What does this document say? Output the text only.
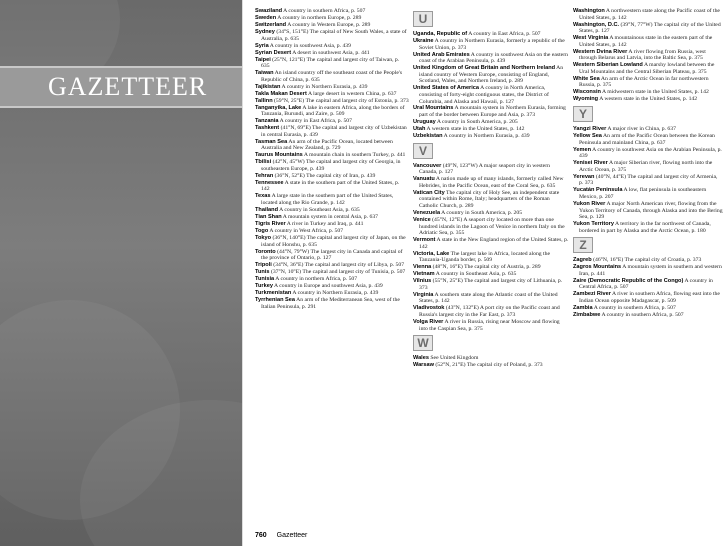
GAZETTEER
Swaziland A country in southern Africa, p. 507
Sweden A country in northern Europe, p. 289
Switzerland A country in Western Europe, p. 289
Sydney (34°S, 151°E) The capital of New South Wales, a state of Australia, p. 635
Syria A country in southwest Asia, p. 439
Syrian Desert A desert in southwest Asia, p. 441
Taipei (25°N, 121°E) The capital and largest city of Taiwan, p. 635
Taiwan An island country off the southeast coast of the People's Republic of China, p. 635
Tajikistan A country in Northern Eurasia, p. 439
Takla Makan Desert A large desert in western China, p. 637
Tallinn (59°N, 25°E) The capital and largest city of Estonia, p. 373
Tanganyika, Lake A lake in eastern Africa, along the borders of Tanzania, Burundi, and Zaire, p. 509
Tanzania A country in East Africa, p. 507
Tashkent (41°N, 69°E) The capital and largest city of Uzbekistan in central Eurasia, p. 439
Tasman Sea An arm of the Pacific Ocean, located between Australia and New Zealand, p. 729
Taurus Mountains A mountain chain in southern Turkey, p. 441
Tbilisi (42°N, 45°W) The capital and largest city of Georgia, in southeastern Europe, p. 439
Tehran (36°N, 52°E) The capital city of Iran, p. 439
Tennessee A state in the southern part of the United States, p. 142
Texas A large state in the southern part of the United States, located along the Rio Grande, p. 142
Thailand A country in Southeast Asia, p. 635
Tian Shan A mountain system in central Asia, p. 637
Tigris River A river in Turkey and Iraq, p. 441
Togo A country in West Africa, p. 507
Tokyo (36°N, 140°E) The capital and largest city of Japan, on the island of Honshu, p. 635
Toronto (44°N, 79°W) The largest city in Canada and capital of the province of Ontario, p. 127
Tripoli (34°N, 36°E) The capital and largest city of Libya, p. 507
Tunis (37°N, 10°E) The capital and largest city of Tunisia, p. 507
Tunisia A country in northern Africa, p. 507
Turkey A country in Europe and southwest Asia, p. 439
Turkmenistan A country in Northern Eurasia, p. 439
Tyrrhenian Sea An arm of the Mediterranean Sea, west of the Italian Peninsula, p. 291
U
Uganda, Republic of A country in East Africa, p. 507
Ukraine A country in Northern Eurasia, formerly a republic of the Soviet Union, p. 373
United Arab Emirates A country in southwest Asia on the eastern coast of the Arabian Peninsula, p. 439
United Kingdom of Great Britain and Northern Ireland An island country of Western Europe, consisting of England, Scotland, Wales, and Northern Ireland, p. 289
United States of America A country in North America, consisting of forty-eight contiguous states, the District of Columbia, and Alaska and Hawaii, p. 127
Ural Mountains A mountain system in Northern Eurasia, forming part of the border between Europe and Asia, p. 373
Uruguay A country in South America, p. 205
Utah A western state in the United States, p. 142
Uzbekistan A country in Northern Eurasia, p. 439
V
Vancouver (49°N, 123°W) A major seaport city in western Canada, p. 127
Vanuatu A nation made up of many islands, formerly called New Hebrides, in the Pacific Ocean, east of the Coral Sea, p. 635
Vatican City The capital city of Holy See, an independent state contained within Rome, Italy; headquarters of the Roman Catholic Church, p. 289
Venezuela A country in South America, p. 205
Venice (45°N, 12°E) A seaport city located on more than one hundred islands in the Lagoon of Venice in northern Italy on the Adriatic Sea, p. 355
Vermont A state in the New England region of the United States, p. 142
Victoria, Lake The largest lake in Africa, located along the Tanzania-Uganda border, p. 509
Vienna (48°N, 16°E) The capital city of Austria, p. 289
Vietnam A country in Southeast Asia, p. 635
Vilnius (55°N, 25°E) The capital and largest city of Lithuania, p. 373
Virginia A southern state along the Atlantic coast of the United States, p. 142
Vladivostok (43°N, 132°E) A port city on the Pacific coast and Russia's largest city in the Far East, p. 373
Volga River A river in Russia, rising near Moscow and flowing into the Caspian Sea, p. 375
W
Wales See United Kingdom
Warsaw (52°N, 21°E) The capital city of Poland, p. 373
Washington A northwestern state along the Pacific coast of the United States, p. 142
Washington, D.C. (39°N, 77°W) The capital city of the United States, p. 127
West Virginia A mountainous state in the eastern part of the United States, p. 142
Western Dvina River A river flowing from Russia, west through Belarus and Latvia, into the Baltic Sea, p. 375
Western Siberian Lowland A marshy lowland between the Ural Mountains and the Central Siberian Plateau, p. 375
White Sea An arm of the Arctic Ocean in far northwestern Russia, p. 375
Wisconsin A midwestern state in the United States, p. 142
Wyoming A western state in the United States, p. 142
Y
Yangzi River A major river in China, p. 637
Yellow Sea An arm of the Pacific Ocean between the Korean Peninsula and mainland China, p. 637
Yemen A country in southwest Asia on the Arabian Peninsula, p. 439
Yenisei River A major Siberian river, flowing north into the Arctic Ocean, p. 375
Yerevan (40°N, 44°E) The capital and largest city of Armenia, p. 373
Yucatán Peninsula A low, flat peninsula in southeastern Mexico, p. 207
Yukon River A major North American river, flowing from the Yukon Territory of Canada, through Alaska and into the Bering Sea, p. 129
Yukon Territory A territory in the far northwest of Canada, bordered in part by Alaska and the Arctic Ocean, p. 180
Z
Zagreb (46°N, 16°E) The capital city of Croatia, p. 373
Zagros Mountains A mountain system in southern and western Iran, p. 441
Zaire (Democratic Republic of the Congo) A country in Central Africa, p. 507
Zambezi River A river in southern Africa, flowing east into the Indian Ocean opposite Madagascar, p. 509
Zambia A country in southern Africa, p. 507
Zimbabwe A country in southern Africa, p. 507
760 Gazetteer
